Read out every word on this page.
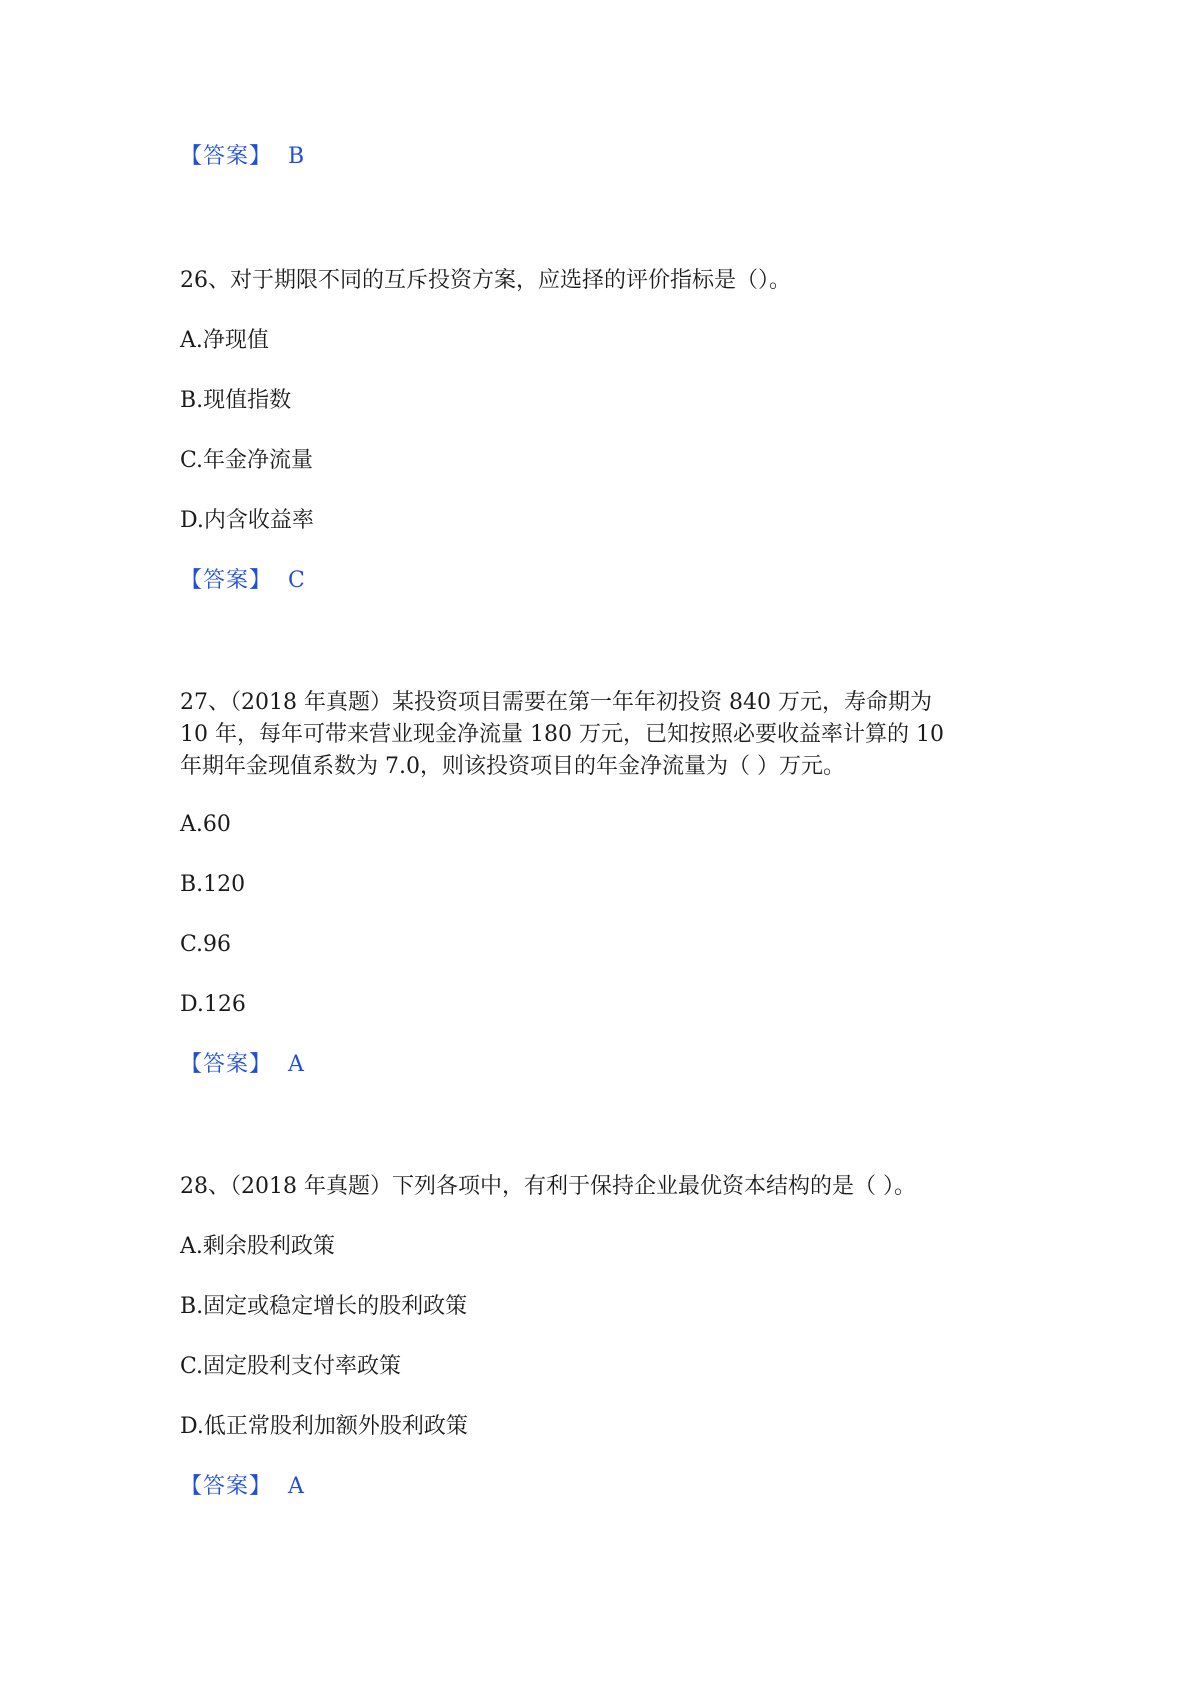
【答案】 B
26、对于期限不同的互斥投资方案，应选择的评价指标是（）。
A.净现值
B.现值指数
C.年金净流量
D.内含收益率
【答案】 C
27、（2018 年真题）某投资项目需要在第一年年初投资 840 万元，寿命期为
10 年，每年可带来营业现金净流量 180 万元，已知按照必要收益率计算的 10
年期年金现值系数为 7.0，则该投资项目的年金净流量为（ ）万元。
A.60
B.120
C.96
D.126
【答案】 A
28、（2018 年真题）下列各项中，有利于保持企业最优资本结构的是（ ）。
A.剩余股利政策
B.固定或稳定增长的股利政策
C.固定股利支付率政策
D.低正常股利加额外股利政策
【答案】 A
